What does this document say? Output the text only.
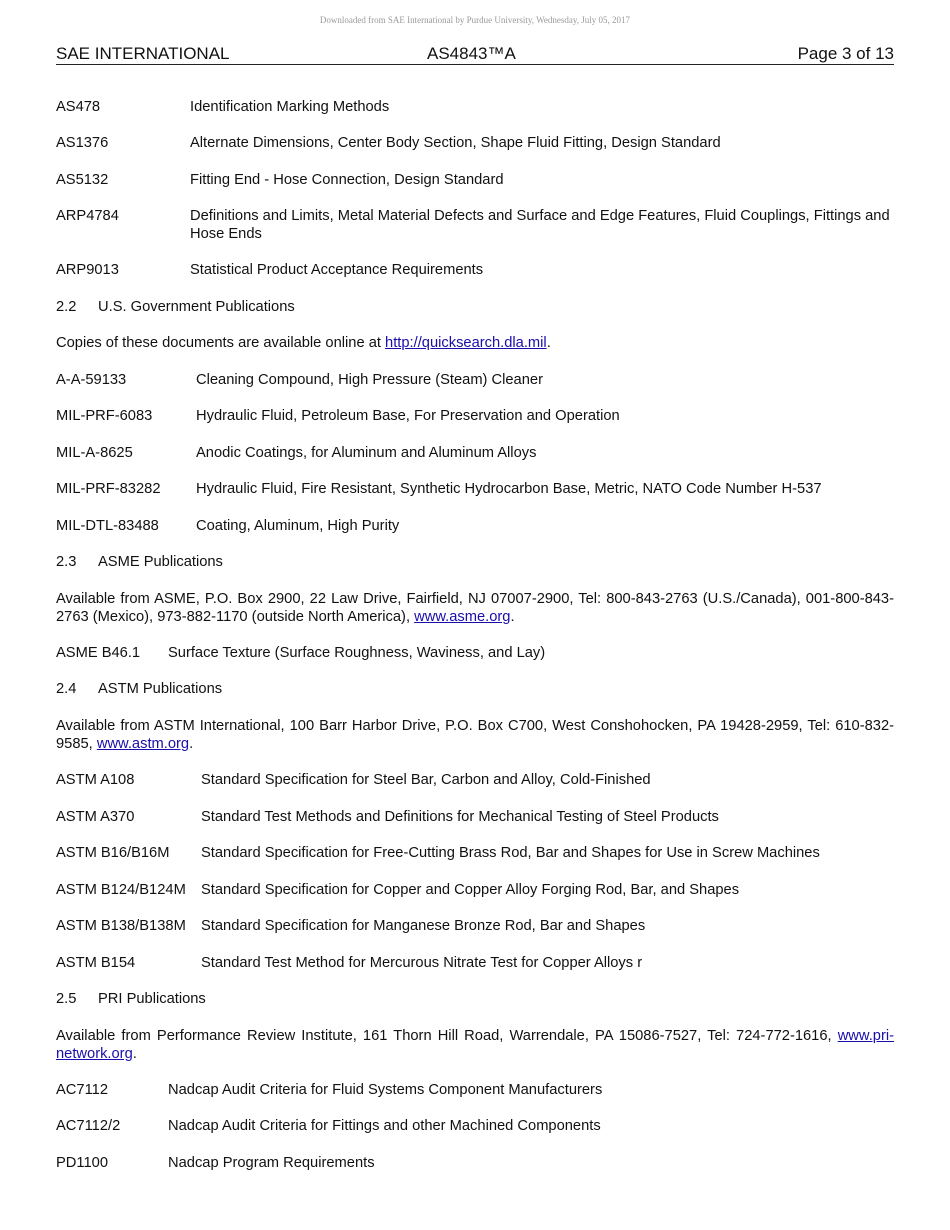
Downloaded from SAE International by Purdue University, Wednesday, July 05, 2017
SAE INTERNATIONAL	AS4843™A	Page 3 of 13
AS478	Identification Marking Methods
AS1376	Alternate Dimensions, Center Body Section, Shape Fluid Fitting, Design Standard
AS5132	Fitting End - Hose Connection, Design Standard
ARP4784	Definitions and Limits, Metal Material Defects and Surface and Edge Features, Fluid Couplings, Fittings and Hose Ends
ARP9013	Statistical Product Acceptance Requirements
2.2 U.S. Government Publications
Copies of these documents are available online at http://quicksearch.dla.mil.
A-A-59133	Cleaning Compound, High Pressure (Steam) Cleaner
MIL-PRF-6083	Hydraulic Fluid, Petroleum Base, For Preservation and Operation
MIL-A-8625	Anodic Coatings, for Aluminum and Aluminum Alloys
MIL-PRF-83282 Hydraulic Fluid, Fire Resistant, Synthetic Hydrocarbon Base, Metric, NATO Code Number H-537
MIL-DTL-83488	Coating, Aluminum, High Purity
2.3 ASME Publications
Available from ASME, P.O. Box 2900, 22 Law Drive, Fairfield, NJ 07007-2900, Tel: 800-843-2763 (U.S./Canada), 001-800-843-2763 (Mexico), 973-882-1170 (outside North America), www.asme.org.
ASME B46.1 Surface Texture (Surface Roughness, Waviness, and Lay)
2.4 ASTM Publications
Available from ASTM International, 100 Barr Harbor Drive, P.O. Box C700, West Conshohocken, PA 19428-2959, Tel: 610-832-9585, www.astm.org.
ASTM A108	Standard Specification for Steel Bar, Carbon and Alloy, Cold-Finished
ASTM A370	Standard Test Methods and Definitions for Mechanical Testing of Steel Products
ASTM B16/B16M Standard Specification for Free-Cutting Brass Rod, Bar and Shapes for Use in Screw Machines
ASTM B124/B124M Standard Specification for Copper and Copper Alloy Forging Rod, Bar, and Shapes
ASTM B138/B138M Standard Specification for Manganese Bronze Rod, Bar and Shapes
ASTM B154	Standard Test Method for Mercurous Nitrate Test for Copper Alloys r
2.5 PRI Publications
Available from Performance Review Institute, 161 Thorn Hill Road, Warrendale, PA 15086-7527, Tel: 724-772-1616, www.pri-network.org.
AC7112	Nadcap Audit Criteria for Fluid Systems Component Manufacturers
AC7112/2	Nadcap Audit Criteria for Fittings and other Machined Components
PD1100	Nadcap Program Requirements
